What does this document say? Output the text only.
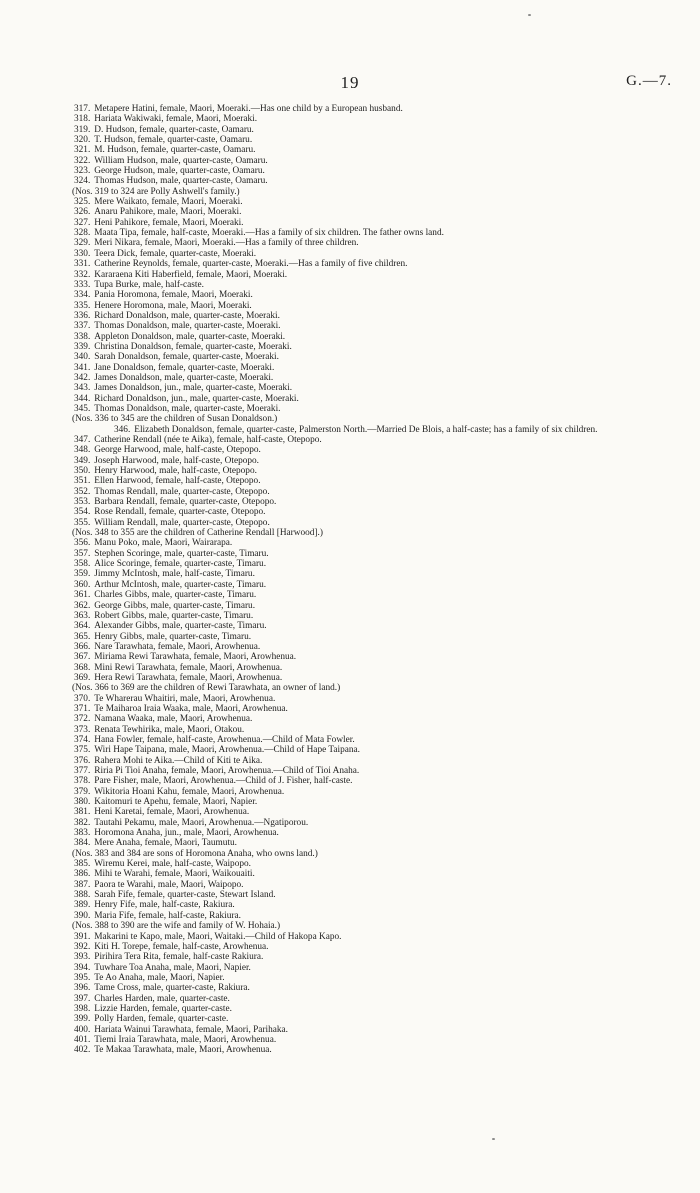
19	G.—7.
317. Metapere Hatini, female, Maori, Moeraki.—Has one child by a European husband.
318. Hariata Wakiwaki, female, Maori, Moeraki.
319. D. Hudson, female, quarter-caste, Oamaru.
320. T. Hudson, female, quarter-caste, Oamaru.
321. M. Hudson, female, quarter-caste, Oamaru.
322. William Hudson, male, quarter-caste, Oamaru.
323. George Hudson, male, quarter-caste, Oamaru.
324. Thomas Hudson, male, quarter-caste, Oamaru.
(Nos. 319 to 324 are Polly Ashwell's family.)
325. Mere Waikato, female, Maori, Moeraki.
326. Anaru Pahikore, male, Maori, Moeraki.
327. Heni Pahikore, female, Maori, Moeraki.
328. Maata Tipa, female, half-caste, Moeraki.—Has a family of six children. The father owns land.
329. Meri Nikara, female, Maori, Moeraki.—Has a family of three children.
330. Teera Dick, female, quarter-caste, Moeraki.
331. Catherine Reynolds, female, quarter-caste, Moeraki.—Has a family of five children.
332. Kararaena Kiti Haberfield, female, Maori, Moeraki.
333. Tupa Burke, male, half-caste.
334. Pania Horomona, female, Maori, Moeraki.
335. Henere Horomona, male, Maori, Moeraki.
336. Richard Donaldson, male, quarter-caste, Moeraki.
337. Thomas Donaldson, male, quarter-caste, Moeraki.
338. Appleton Donaldson, male, quarter-caste, Moeraki.
339. Christina Donaldson, female, quarter-caste, Moeraki.
340. Sarah Donaldson, female, quarter-caste, Moeraki.
341. Jane Donaldson, female, quarter-caste, Moeraki.
342. James Donaldson, male, quarter-caste, Moeraki.
343. James Donaldson, jun., male, quarter-caste, Moeraki.
344. Richard Donaldson, jun., male, quarter-caste, Moeraki.
345. Thomas Donaldson, male, quarter-caste, Moeraki.
(Nos. 336 to 345 are the children of Susan Donaldson.)
346. Elizabeth Donaldson, female, quarter-caste, Palmerston North.—Married De Blois, a half-caste; has a family of six children.
347. Catherine Rendall (née te Aika), female, half-caste, Otepopo.
348. George Harwood, male, half-caste, Otepopo.
349. Joseph Harwood, male, half-caste, Otepopo.
350. Henry Harwood, male, half-caste, Otepopo.
351. Ellen Harwood, female, half-caste, Otepopo.
352. Thomas Rendall, male, quarter-caste, Otepopo.
353. Barbara Rendall, female, quarter-caste, Otepopo.
354. Rose Rendall, female, quarter-caste, Otepopo.
355. William Rendall, male, quarter-caste, Otepopo.
(Nos. 348 to 355 are the children of Catherine Rendall [Harwood].)
356. Manu Poko, male, Maori, Wairarapa.
357. Stephen Scoringe, male, quarter-caste, Timaru.
358. Alice Scoringe, female, quarter-caste, Timaru.
359. Jimmy McIntosh, male, half-caste, Timaru.
360. Arthur McIntosh, male, quarter-caste, Timaru.
361. Charles Gibbs, male, quarter-caste, Timaru.
362. George Gibbs, male, quarter-caste, Timaru.
363. Robert Gibbs, male, quarter-caste, Timaru.
364. Alexander Gibbs, male, quarter-caste, Timaru.
365. Henry Gibbs, male, quarter-caste, Timaru.
366. Nare Tarawhata, female, Maori, Arowhenua.
367. Miriama Rewi Tarawhata, female, Maori, Arowhenua.
368. Mini Rewi Tarawhata, female, Maori, Arowhenua.
369. Hera Rewi Tarawhata, female, Maori, Arowhenua.
(Nos. 366 to 369 are the children of Rewi Tarawhata, an owner of land.)
370. Te Wharerau Whaitiri, male, Maori, Arowhenua.
371. Te Maiharoa Iraia Waaka, male, Maori, Arowhenua.
372. Namana Waaka, male, Maori, Arowhenua.
373. Renata Tewhirika, male, Maori, Otakou.
374. Hana Fowler, female, half-caste, Arowhenua.—Child of Mata Fowler.
375. Wiri Hape Taipana, male, Maori, Arowhenua.—Child of Hape Taipana.
376. Rahera Mohi te Aika.—Child of Kiti te Aika.
377. Riria Pi Tioi Anaha, female, Maori, Arowhenua.—Child of Tioi Anaha.
378. Pare Fisher, male, Maori, Arowhenua.—Child of J. Fisher, half-caste.
379. Wikitoria Hoani Kahu, female, Maori, Arowhenua.
380. Kaitomuri te Apehu, female, Maori, Napier.
381. Heni Karetai, female, Maori, Arowhenua.
382. Tautahi Pekamu, male, Maori, Arowhenua.—Ngatiporou.
383. Horomona Anaha, jun., male, Maori, Arowhenua.
384. Mere Anaha, female, Maori, Taumutu.
(Nos. 383 and 384 are sons of Horomona Anaha, who owns land.)
385. Wiremu Kerei, male, half-caste, Waipopo.
386. Mihi te Warahi, female, Maori, Waikouaiti.
387. Paora te Warahi, male, Maori, Waipopo.
388. Sarah Fife, female, quarter-caste, Stewart Island.
389. Henry Fife, male, half-caste, Rakiura.
390. Maria Fife, female, half-caste, Rakiura.
(Nos. 388 to 390 are the wife and family of W. Hohaia.)
391. Makarini te Kapo, male, Maori, Waitaki.—Child of Hakopa Kapo.
392. Kiti H. Torepe, female, half-caste, Arowhenua.
393. Pirihira Tera Rita, female, half-caste Rakiura.
394. Tuwhare Toa Anaha, male, Maori, Napier.
395. Te Ao Anaha, male, Maori, Napier.
396. Tame Cross, male, quarter-caste, Rakiura.
397. Charles Harden, male, quarter-caste.
398. Lizzie Harden, female, quarter-caste.
399. Polly Harden, female, quarter-caste.
400. Hariata Wainui Tarawhata, female, Maori, Parihaka.
401. Tiemi Iraia Tarawhata, male, Maori, Arowhenua.
402. Te Makaa Tarawhata, male, Maori, Arowhenua.
